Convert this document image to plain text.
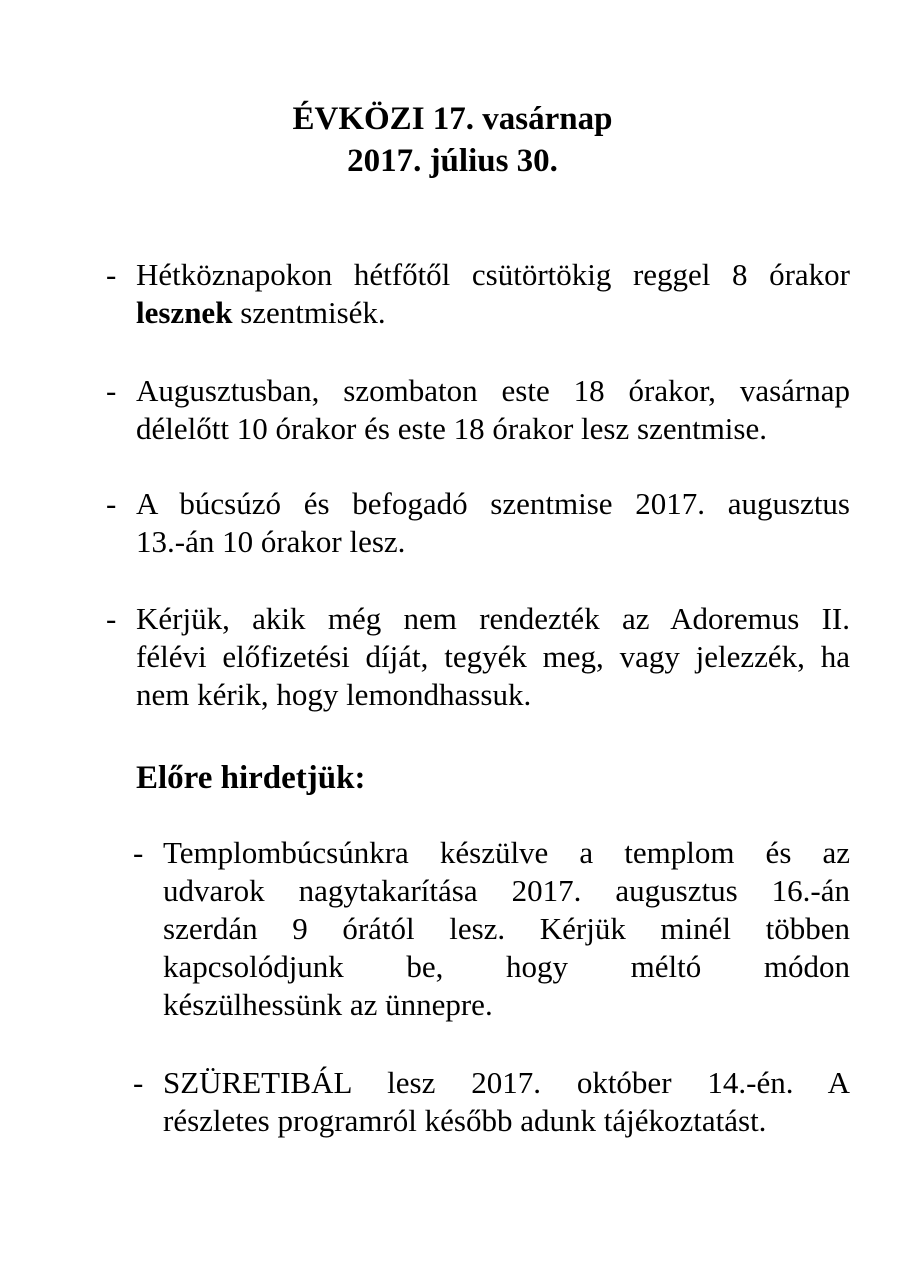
ÉVKÖZI 17. vasárnap
2017. július 30.
- Hétköznapokon hétfőtől csütörtökig reggel 8 órakor
lesznek szentmisék.
- Augusztusban, szombaton este 18 órakor, vasárnap
délelőtt 10 órakor és este 18 órakor lesz szentmise.
- A búcsúzó és befogadó szentmise 2017. augusztus
13.-án 10 órakor lesz.
- Kérjük, akik még nem rendezték az Adoremus II.
félévi előfizetési díját, tegyék meg, vagy jelezzék, ha
nem kérik, hogy lemondhassuk.
Előre hirdetjük:
- Templombúcsúnkra készülve a templom és az
udvarok nagytakarítása 2017. augusztus 16.-án
szerdán 9 órától lesz. Kérjük minél többen
kapcsolódjunk be, hogy méltó módon
készülhessünk az ünnepre.
- SZÜRETIBÁL lesz 2017. október 14.-én. A
részletes programról később adunk tájékoztatást.
